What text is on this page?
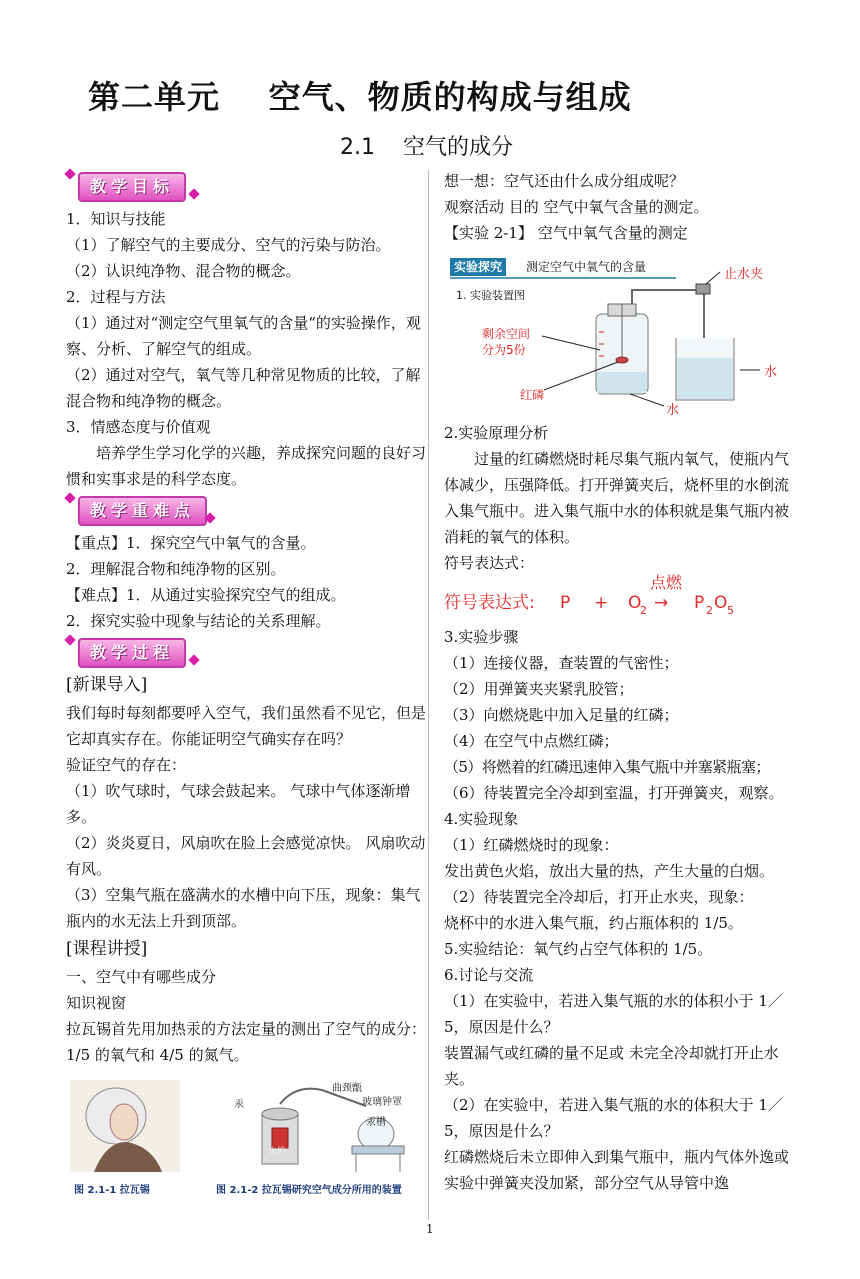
第二单元    空气、物质的构成与组成
2.1    空气的成分
教学目标

1．知识与技能

（1）了解空气的主要成分、空气的污染与防治。

（2）认识纯净物、混合物的概念。

2．过程与方法

（1）通过对“测定空气里氧气的含量“的实验操作，观察、分析、了解空气的组成。

（2）通过对空气，氧气等几种常见物质的比较，了解混合物和纯净物的概念。

3．情感态度与价值观

培养学生学习化学的兴趣，养成探究问题的良好习惯和实事求是的科学态度。

教学重难点

【重点】1．探究空气中氧气的含量。

2．理解混合物和纯净物的区别。

【难点】1．从通过实验探究空气的组成。

2．探究实验中现象与结论的关系理解。

教学过程

[新课导入]

我们每时每刻都要呼入空气，我们虽然看不见它，但是它却真实存在。你能证明空气确实存在吗？

验证空气的存在：

（1）吹气球时，气球会鼓起来。 气球中气体逐渐增多。

（2）炎炎夏日，风扇吹在脸上会感觉凉快。 风扇吹动有风。

（3）空集气瓶在盛满水的水槽中向下压，现象：集气瓶内的水无法上升到顶部。

[课程讲授]

一、空气中有哪些成分

知识视窗

拉瓦锡首先用加热汞的方法定量的测出了空气的成分：1/5 的氧气和 4/5 的氮气。

曲颈甑
汞	玻璃钟罩
汞槽
火炉
图 2.1-1 拉瓦锡	图 2.1-2 拉瓦锡研究空气成分所用的装置

想一想：空气还由什么成分组成呢？

观察活动 目的 空气中氧气含量的测定。

【实验 2-1】 空气中氧气含量的测定

实验探究	测定空气中氧气的含量
1. 实验装置图
止水夹
剩余空间
分为5份
红磷
水
水

2.实验原理分析

过量的红磷燃烧时耗尽集气瓶内氧气，使瓶内气体减少，压强降低。打开弹簧夹后，烧杯里的水倒流入集气瓶中。进入集气瓶中水的体积就是集气瓶内被消耗的氧气的体积。

符号表达式：

符号表达式: P + O
2
点燃
→ P 2 O 5

3.实验步骤

（1）连接仪器，查装置的气密性；

（2）用弹簧夹夹紧乳胶管；

（3）向燃烧匙中加入足量的红磷；

（4）在空气中点燃红磷；

（5）将燃着的红磷迅速伸入集气瓶中并塞紧瓶塞；

（6）待装置完全冷却到室温，打开弹簧夹，观察。

4.实验现象

（1）红磷燃烧时的现象：

发出黄色火焰，放出大量的热，产生大量的白烟。

（2）待装置完全冷却后，打开止水夹，现象：

烧杯中的水进入集气瓶，约占瓶体积的 1/5。

5.实验结论：氧气约占空气体积的 1/5。

6.讨论与交流

（1）在实验中，若进入集气瓶的水的体积小于 1／5，原因是什么？

装置漏气或红磷的量不足或 未完全冷却就打开止水夹。

（2）在实验中，若进入集气瓶的水的体积大于 1／5，原因是什么？

红磷燃烧后未立即伸入到集气瓶中，瓶内气体外逸或实验中弹簧夹没加紧，部分空气从导管中逸

1
